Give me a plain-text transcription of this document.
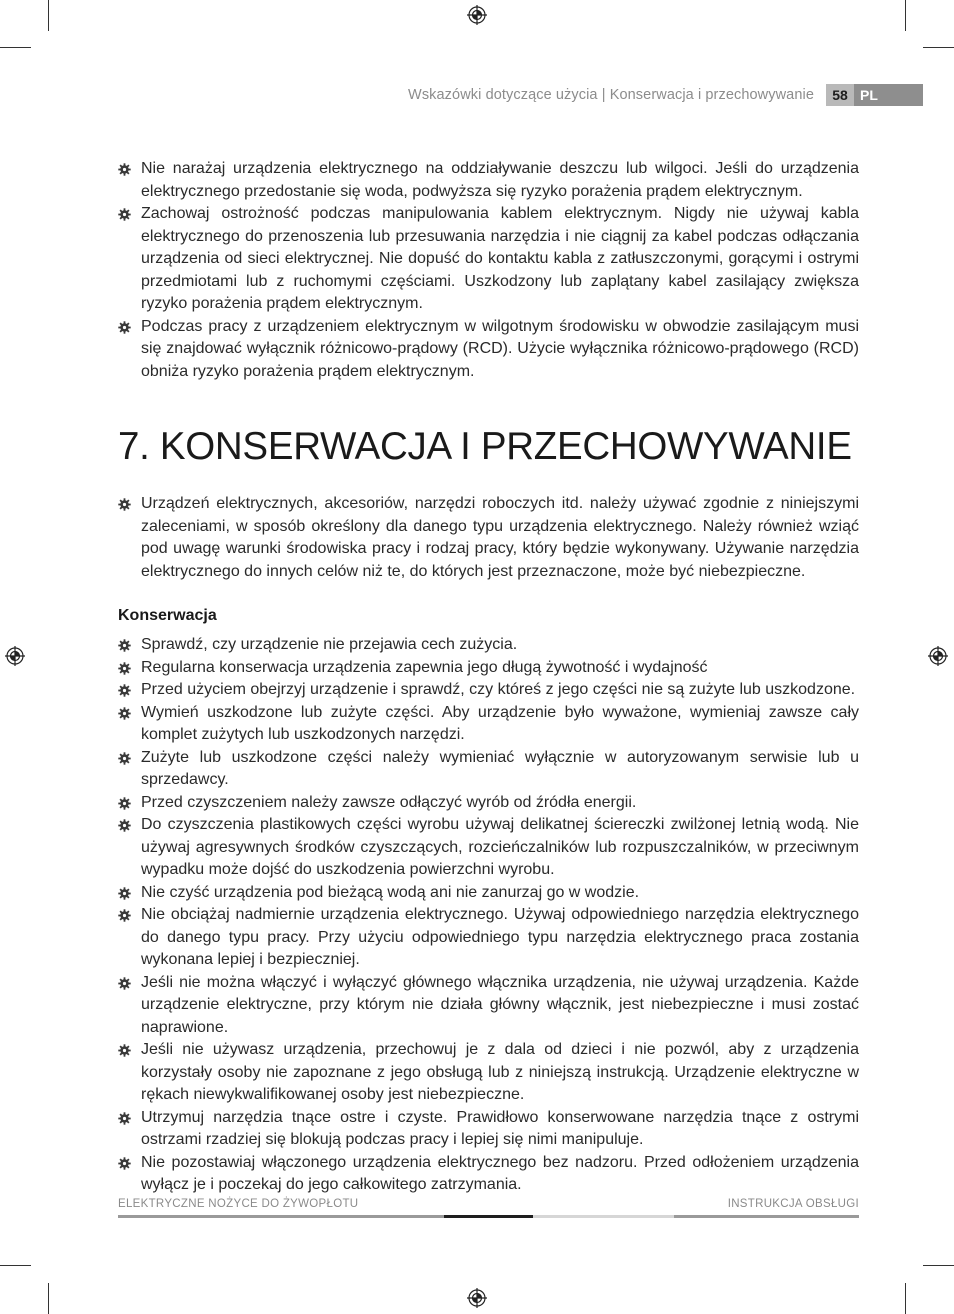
Wskazówki dotyczące użycia | Konserwacja i przechowywanie	58 PL
Nie narażaj urządzenia elektrycznego na oddziaływanie deszczu lub wilgoci. Jeśli do urządzenia elektrycznego przedostanie się woda, podwyższa się ryzyko porażenia prądem elektrycznym.
Zachowaj ostrożność podczas manipulowania kablem elektrycznym. Nigdy nie używaj kabla elektrycznego do przenoszenia lub przesuwania narzędzia i nie ciągnij za kabel podczas odłączania urządzenia od sieci elektrycznej. Nie dopuść do kontaktu kabla z zatłuszczonymi, gorącymi i ostrymi przedmiotami lub z ruchomymi częściami. Uszkodzony lub zaplątany kabel zasilający zwiększa ryzyko porażenia prądem elektrycznym.
Podczas pracy z urządzeniem elektrycznym w wilgotnym środowisku w obwodzie zasilającym musi się znajdować wyłącznik różnicowo-prądowy (RCD). Użycie wyłącznika różnicowo-prądowego (RCD) obniża ryzyko porażenia prądem elektrycznym.
7. KONSERWACJA I PRZECHOWYWANIE
Urządzeń elektrycznych, akcesoriów, narzędzi roboczych itd. należy używać zgodnie z niniejszymi zaleceniami, w sposób określony dla danego typu urządzenia elektrycznego. Należy również wziąć pod uwagę warunki środowiska pracy i rodzaj pracy, który będzie wykonywany. Używanie narzędzia elektrycznego do innych celów niż te, do których jest przeznaczone, może być niebezpieczne.
Konserwacja
Sprawdź, czy urządzenie nie przejawia cech zużycia.
Regularna konserwacja urządzenia zapewnia jego długą żywotność i wydajność
Przed użyciem obejrzyj urządzenie i sprawdź, czy któreś z jego części nie są zużyte lub uszkodzone.
Wymień uszkodzone lub zużyte części. Aby urządzenie było wyważone, wymieniaj zawsze cały komplet zużytych lub uszkodzonych narzędzi.
Zużyte lub uszkodzone części należy wymieniać wyłącznie w autoryzowanym serwisie lub u sprzedawcy.
Przed czyszczeniem należy zawsze odłączyć wyrób od źródła energii.
Do czyszczenia plastikowych części wyrobu używaj delikatnej ściereczki zwilżonej letnią wodą. Nie używaj agresywnych środków czyszczących, rozcieńczalników lub rozpuszczalników, w przeciwnym wypadku może dojść do uszkodzenia powierzchni wyrobu.
Nie czyść urządzenia pod bieżącą wodą ani nie zanurzaj go w wodzie.
Nie obciążaj nadmiernie urządzenia elektrycznego. Używaj odpowiedniego narzędzia elektrycznego do danego typu pracy. Przy użyciu odpowiedniego typu narzędzia elektrycznego praca zostania wykonana lepiej i bezpieczniej.
Jeśli nie można włączyć i wyłączyć głównego włącznika urządzenia, nie używaj urządzenia. Każde urządzenie elektryczne, przy którym nie działa główny włącznik, jest niebezpieczne i musi zostać naprawione.
Jeśli nie używasz urządzenia, przechowuj je z dala od dzieci i nie pozwól, aby z urządzenia korzystały osoby nie zapoznane z jego obsługą lub z niniejszą instrukcją. Urządzenie elektryczne w rękach niewykwalifikowanej osoby jest niebezpieczne.
Utrzymuj narzędzia tnące ostre i czyste. Prawidłowo konserwowane narzędzia tnące z ostrymi ostrzami rzadziej się blokują podczas pracy i lepiej się nimi manipuluje.
Nie pozostawiaj włączonego urządzenia elektrycznego bez nadzoru. Przed odłożeniem urządzenia wyłącz je i poczekaj do jego całkowitego zatrzymania.
ELEKTRYCZNE NOŻYCE DO ŻYWOPŁOTU	INSTRUKCJA OBSŁUGI
